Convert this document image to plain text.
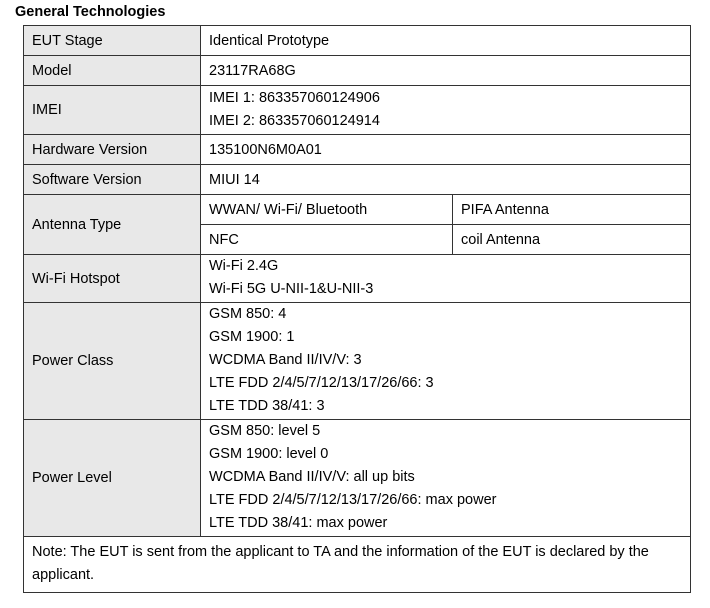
General Technologies
EUT Stage	Identical Prototype	
Model	23117RA68G	
IMEI	IMEI 1: 863357060124906
IMEI 2: 863357060124914	

Hardware Version	135100N6M0A01	
Software Version	MIUI 14	
Antenna Type	WWAN/ Wi-Fi/ Bluetooth	PIFA Antenna
	NFC	coil Antenna
Wi-Fi Hotspot	Wi-Fi 2.4G
Wi-Fi 5G U-NII-1&U-NII-3	

Power Class	GSM 850: 4
GSM 1900: 1
WCDMA Band II/IV/V: 3
LTE FDD 2/4/5/7/12/13/17/26/66: 3
LTE TDD 38/41: 3	

Power Level	GSM 850: level 5
GSM 1900: level 0
WCDMA Band II/IV/V: all up bits
LTE FDD 2/4/5/7/12/13/17/26/66: max power
LTE TDD 38/41: max power	

Note: The EUT is sent from the applicant to TA and the information of the EUT is declared by the applicant.		
